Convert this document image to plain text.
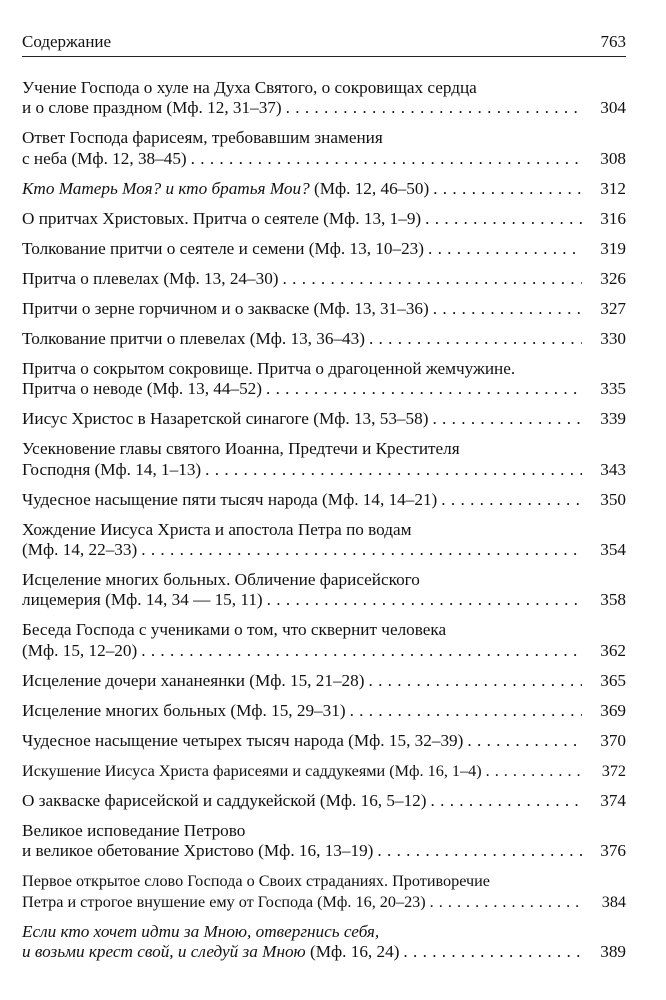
Содержание	763
Учение Господа о хуле на Духа Святого, о сокровищах сердца
и о слове праздном (Мф. 12, 31–37) . . .	304
Ответ Господа фарисеям, требовавшим знамения
с неба (Мф. 12, 38–45) . . .	308
Кто Матерь Моя? и кто братья Мои? (Мф. 12, 46–50) . . .	312
О притчах Христовых. Притча о сеятеле (Мф. 13, 1–9) . . .	316
Толкование притчи о сеятеле и семени (Мф. 13, 10–23) . . .	319
Притча о плевелах (Мф. 13, 24–30) . . .	326
Притчи о зерне горчичном и о закваске (Мф. 13, 31–36) . . .	327
Толкование притчи о плевелах (Мф. 13, 36–43) . . .	330
Притча о сокрытом сокровище. Притча о драгоценной жемчужине.
Притча о неводе (Мф. 13, 44–52) . . .	335
Иисус Христос в Назаретской синагоге (Мф. 13, 53–58) . . .	339
Усекновение главы святого Иоанна, Предтечи и Крестителя
Господня (Мф. 14, 1–13) . . .	343
Чудесное насыщение пяти тысяч народа (Мф. 14, 14–21) . . .	350
Хождение Иисуса Христа и апостола Петра по водам
(Мф. 14, 22–33) . . .	354
Исцеление многих больных. Обличение фарисейского
лицемерия (Мф. 14, 34 — 15, 11) . . .	358
Беседа Господа с учениками о том, что сквернит человека
(Мф. 15, 12–20) . . .	362
Исцеление дочери хананеянки (Мф. 15, 21–28) . . .	365
Исцеление многих больных (Мф. 15, 29–31) . . .	369
Чудесное насыщение четырех тысяч народа (Мф. 15, 32–39) . . .	370
Искушение Иисуса Христа фарисеями и саддукеями (Мф. 16, 1–4) . . .	372
О закваске фарисейской и саддукейской (Мф. 16, 5–12) . . .	374
Великое исповедание Петрово
и великое обетование Христово (Мф. 16, 13–19) . . .	376
Первое открытое слово Господа о Своих страданиях. Противоречие
Петра и строгое внушение ему от Господа (Мф. 16, 20–23) . . .	384
Если кто хочет идти за Мною, отвергнись себя,
и возьми крест свой, и следуй за Мною (Мф. 16, 24) . . .	389
